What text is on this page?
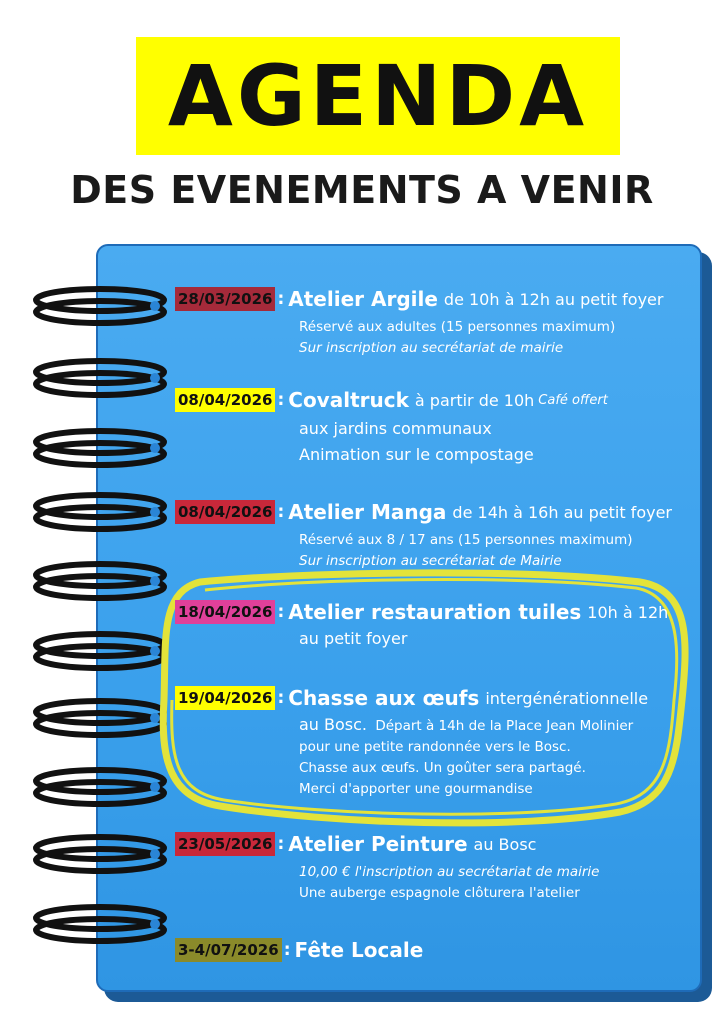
AGENDA
DES EVENEMENTS A VENIR
28/03/2026 : Atelier Argile de 10h à 12h au petit foyer
Réservé aux adultes (15 personnes maximum)
Sur inscription au secrétariat de mairie
08/04/2026 : Covaltruck à partir de 10h Café offert
aux jardins communaux
Animation sur le compostage
08/04/2026 : Atelier Manga de 14h à 16h au petit foyer
Réservé aux 8 / 17 ans (15 personnes maximum)
Sur inscription au secrétariat de Mairie
18/04/2026 : Atelier restauration tuiles 10h à 12h
au petit foyer
19/04/2026 : Chasse aux œufs intergénérationnelle
au Bosc. Départ à 14h de la Place Jean Molinier
pour une petite randonnée vers le Bosc.
Chasse aux œufs. Un goûter sera partagé.
Merci d'apporter une gourmandise
23/05/2026 : Atelier Peinture au Bosc
10,00 € l'inscription au secrétariat de mairie
Une auberge espagnole clôturera l'atelier
3-4/07/2026 : Fête Locale
